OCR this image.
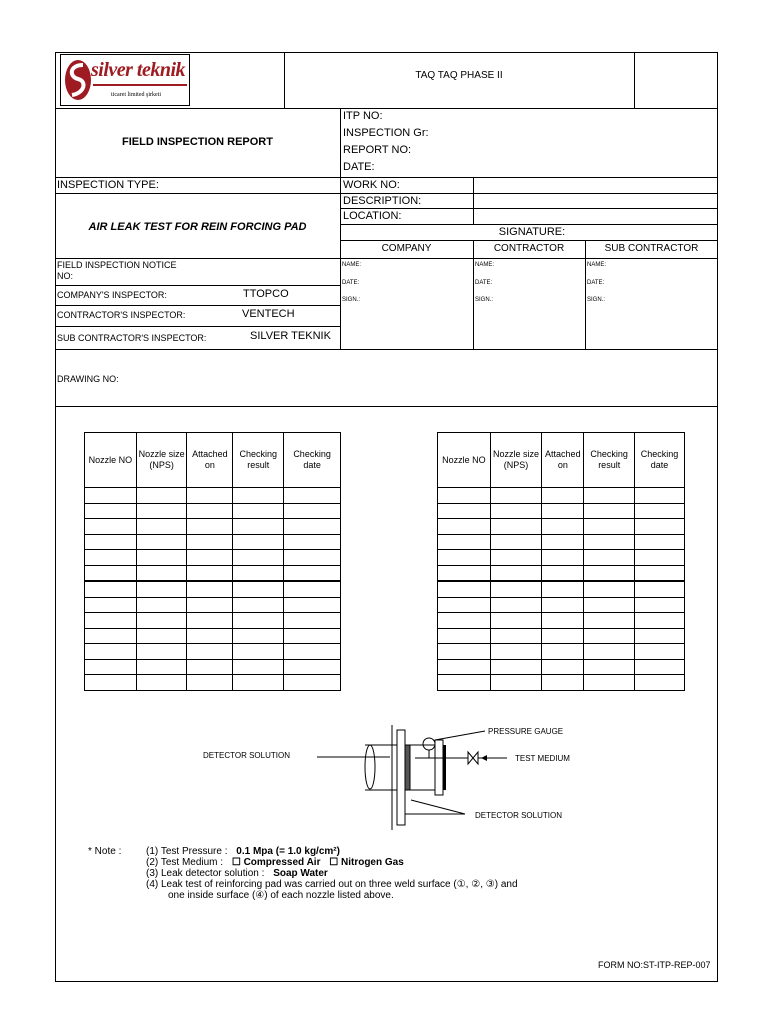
silver teknik
ticaret limited şirketi
TAQ TAQ PHASE II
FIELD INSPECTION REPORT
ITP NO:
INSPECTION Gr:
REPORT NO:
DATE:
INSPECTION TYPE:	WORK NO:
DESCRIPTION:
LOCATION:
AIR LEAK TEST FOR REIN FORCING PAD	SIGNATURE:
COMPANY	CONTRACTOR	SUB CONTRACTOR
NAME:
DATE:
SIGN.:
NAME:
DATE:
SIGN.:
NAME:
DATE:
SIGN.:
FIELD INSPECTION NOTICE
NO:
COMPANY'S INSPECTOR:	TTOPCO
CONTRACTOR'S INSPECTOR:	VENTECH
SUB CONTRACTOR'S INSPECTOR:	SILVER TEKNIK
DRAWING NO:
Nozzle NO	Nozzle size (NPS)	Attached on	Checking result	Checking date

Nozzle NO	Nozzle size (NPS)	Attached on	Checking result	Checking date

PRESSURE GAUGE
DETECTOR SOLUTION	TEST MEDIUM
DETECTOR SOLUTION
* Note : (1) Test Pressure : 0.1 Mpa (= 1.0 kg/cm²)
(2) Test Medium : ☐ Compressed Air ☐ Nitrogen Gas
(3) Leak detector solution : Soap Water
(4) Leak test of reinforcing pad was carried out on three weld surface (①, ②, ③) and
one inside surface (④) of each nozzle listed above.
FORM NO:ST-ITP-REP-007
